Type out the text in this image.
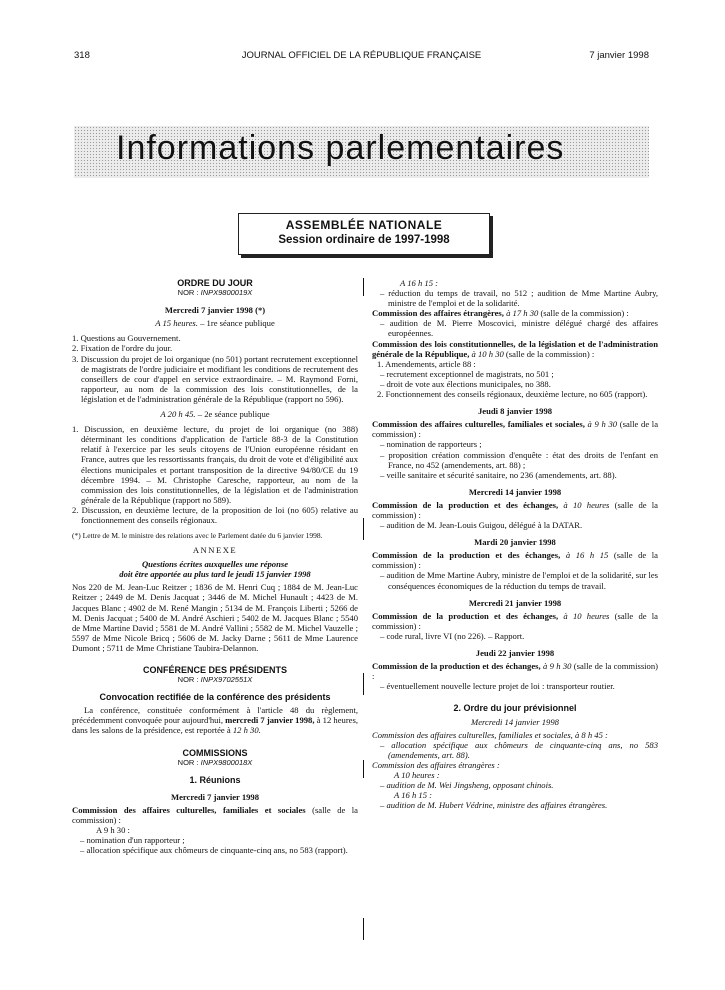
318	JOURNAL OFFICIEL DE LA RÉPUBLIQUE FRANÇAISE	7 janvier 1998
Informations parlementaires
ASSEMBLÉE NATIONALE
Session ordinaire de 1997-1998
ORDRE DU JOUR
NOR : INPX9800019X
Mercredi 7 janvier 1998 (*)

A 15 heures. – 1re séance publique

1. Questions au Gouvernement.

2. Fixation de l'ordre du jour.

3. Discussion du projet de loi organique (no 501) portant recrutement exceptionnel de magistrats de l'ordre judiciaire et modifiant les conditions de recrutement des conseillers de cour d'appel en service extraordinaire. – M. Raymond Forni, rapporteur, au nom de la commission des lois constitutionnelles, de la législation et de l'administration générale de la République (rapport no 596).

A 20 h 45. – 2e séance publique

1. Discussion, en deuxième lecture, du projet de loi organique (no 388) déterminant les conditions d'application de l'article 88-3 de la Constitution relatif à l'exercice par les seuls citoyens de l'Union européenne résidant en France, autres que les ressortissants français, du droit de vote et d'éligibilité aux élections municipales et portant transposition de la directive 94/80/CE du 19 décembre 1994. – M. Christophe Caresche, rapporteur, au nom de la commission des lois constitutionnelles, de la législation et de l'administration générale de la République (rapport no 589).

2. Discussion, en deuxième lecture, de la proposition de loi (no 605) relative au fonctionnement des conseils régionaux.

(*) Lettre de M. le ministre des relations avec le Parlement datée du 6 janvier 1998.

ANNEXE

Questions écrites auxquelles une réponse

doit être apportée au plus tard le jeudi 15 janvier 1998

Nos 220 de M. Jean-Luc Reitzer ; 1836 de M. Henri Cuq ; 1884 de M. Jean-Luc Reitzer ; 2449 de M. Denis Jacquat ; 3446 de M. Michel Hunault ; 4423 de M. Jacques Blanc ; 4902 de M. René Mangin ; 5134 de M. François Liberti ; 5266 de M. Denis Jacquat ; 5400 de M. André Aschieri ; 5402 de M. Jacques Blanc ; 5540 de Mme Martine David ; 5581 de M. André Vallini ; 5582 de M. Michel Vauzelle ; 5597 de Mme Nicole Bricq ; 5606 de M. Jacky Darne ; 5611 de Mme Laurence Dumont ; 5711 de Mme Christiane Taubira-Delannon.

CONFÉRENCE DES PRÉSIDENTS
NOR : INPX9702551X
Convocation rectifiée de la conférence des présidents

La conférence, constituée conformément à l'article 48 du règlement, précédemment convoquée pour aujourd'hui, mercredi 7 janvier 1998, à 12 heures, dans les salons de la présidence, est reportée à 12 h 30.

COMMISSIONS
NOR : INPX9800018X
1. Réunions
Mercredi 7 janvier 1998

Commission des affaires culturelles, familiales et sociales (salle de la commission) :

A 9 h 30 :

– nomination d'un rapporteur ;

– allocation spécifique aux chômeurs de cinquante-cinq ans, no 583 (rapport).

A 16 h 15 :

– réduction du temps de travail, no 512 ; audition de Mme Martine Aubry, ministre de l'emploi et de la solidarité.

Commission des affaires étrangères, à 17 h 30 (salle de la commission) :

– audition de M. Pierre Moscovici, ministre délégué chargé des affaires européennes.

Commission des lois constitutionnelles, de la législation et de l'administration générale de la République, à 10 h 30 (salle de la commission) :

1. Amendements, article 88 :

– recrutement exceptionnel de magistrats, no 501 ;

– droit de vote aux élections municipales, no 388.

2. Fonctionnement des conseils régionaux, deuxième lecture, no 605 (rapport).

Jeudi 8 janvier 1998

Commission des affaires culturelles, familiales et sociales, à 9 h 30 (salle de la commission) :

– nomination de rapporteurs ;

– proposition création commission d'enquête : état des droits de l'enfant en France, no 452 (amendements, art. 88) ;

– veille sanitaire et sécurité sanitaire, no 236 (amendements, art. 88).

Mercredi 14 janvier 1998

Commission de la production et des échanges, à 10 heures (salle de la commission) :

– audition de M. Jean-Louis Guigou, délégué à la DATAR.

Mardi 20 janvier 1998

Commission de la production et des échanges, à 16 h 15 (salle de la commission) :

– audition de Mme Martine Aubry, ministre de l'emploi et de la solidarité, sur les conséquences économiques de la réduction du temps de travail.

Mercredi 21 janvier 1998

Commission de la production et des échanges, à 10 heures (salle de la commission) :

– code rural, livre VI (no 226). – Rapport.

Jeudi 22 janvier 1998

Commission de la production et des échanges, à 9 h 30 (salle de la commission) :

– éventuellement nouvelle lecture projet de loi : transporteur routier.

2. Ordre du jour prévisionnel

Mercredi 14 janvier 1998

Commission des affaires culturelles, familiales et sociales, à 8 h 45 :

– allocation spécifique aux chômeurs de cinquante-cinq ans, no 583 (amendements, art. 88).

Commission des affaires étrangères :

A 10 heures :

– audition de M. Wei Jingsheng, opposant chinois.

A 16 h 15 :

– audition de M. Hubert Védrine, ministre des affaires étrangères.
